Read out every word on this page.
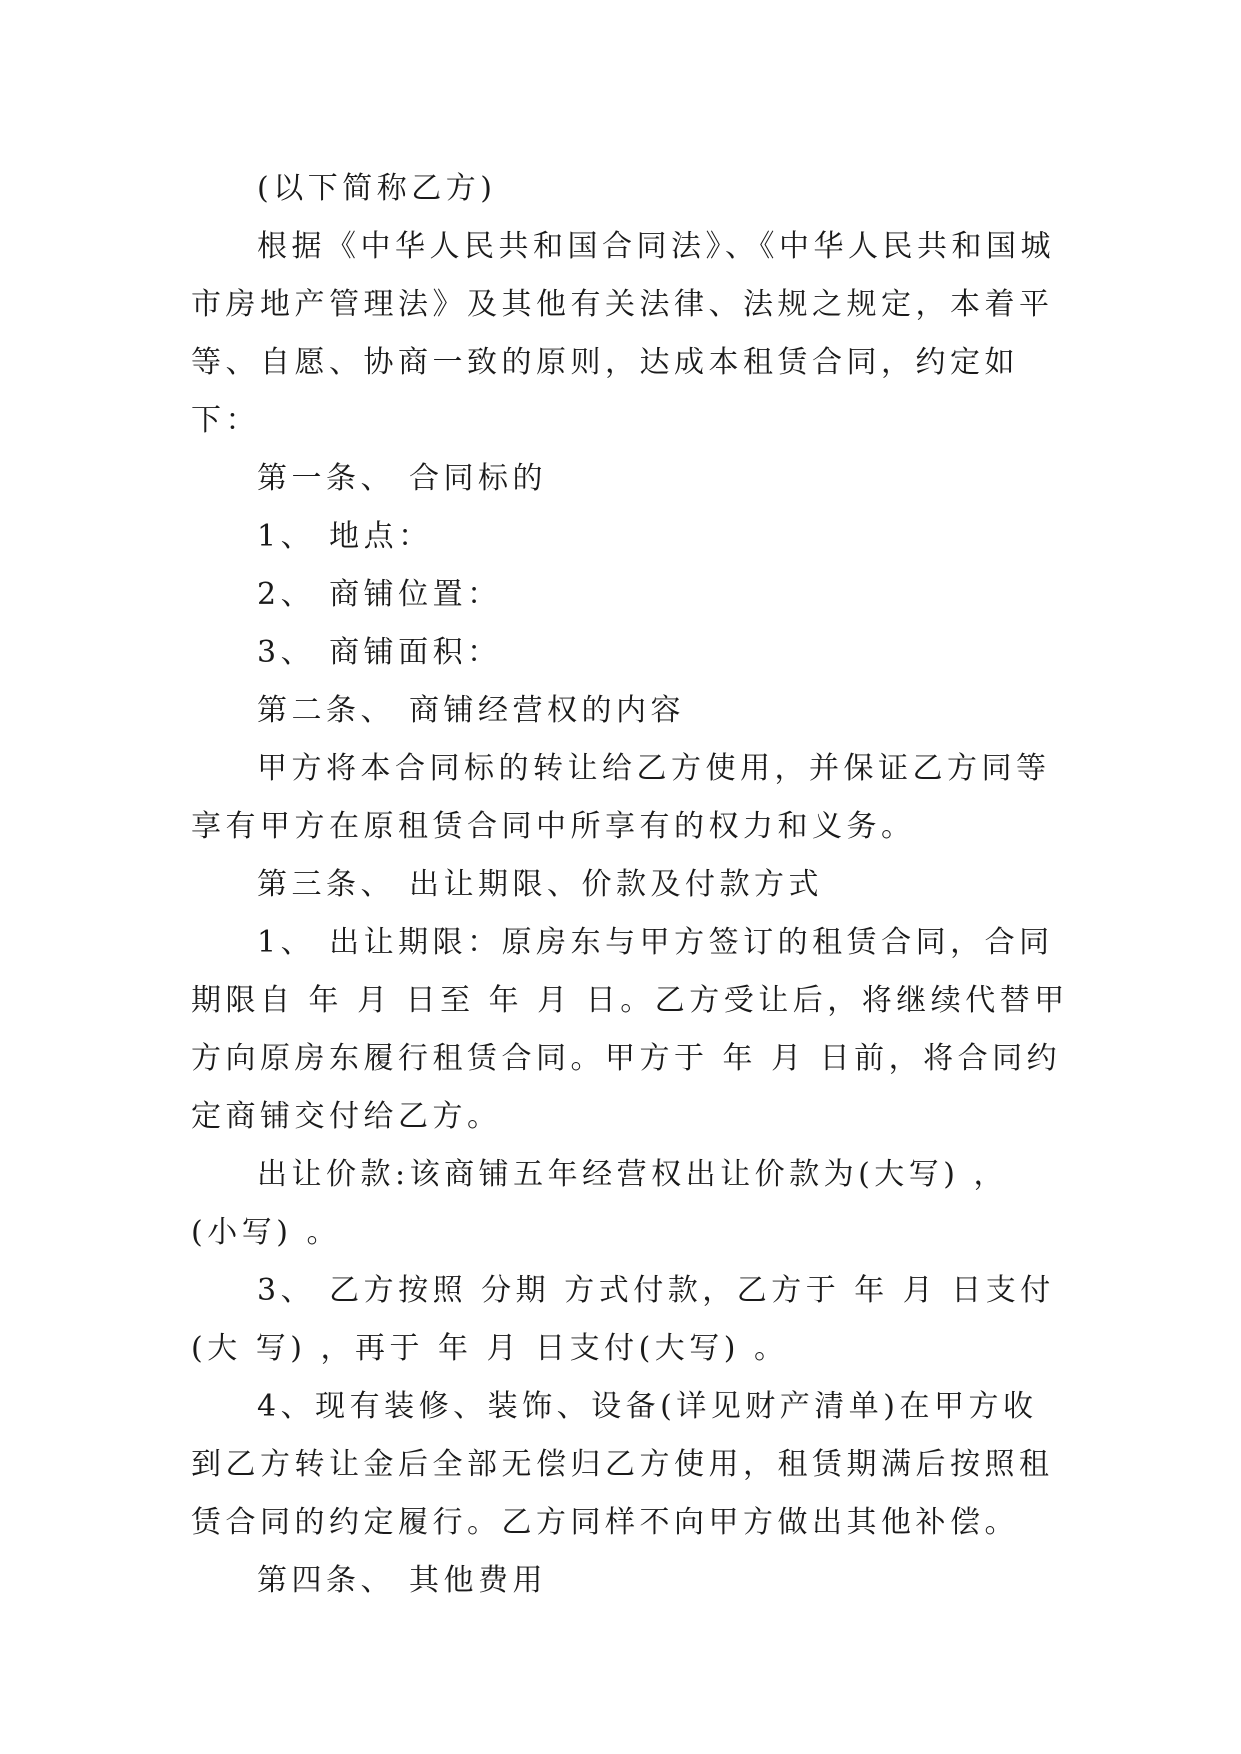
(以下简称乙方)

根据《中华人民共和国合同法》、《中华人民共和国城市房地产管理法》及其他有关法律、法规之规定，本着平等、自愿、协商一致的原则，达成本租赁合同，约定如下：

第一条、 合同标的

1、 地点：

2、 商铺位置：

3、 商铺面积：

第二条、 商铺经营权的内容

甲方将本合同标的转让给乙方使用，并保证乙方同等享有甲方在原租赁合同中所享有的权力和义务。

第三条、 出让期限、价款及付款方式

1、 出让期限：原房东与甲方签订的租赁合同，合同期限自 年 月 日至 年 月 日。乙方受让后，将继续代替甲方向原房东履行租赁合同。甲方于 年 月 日前，将合同约定商铺交付给乙方。

出让价款:该商铺五年经营权出让价款为(大写) ， (小写) 。

3、 乙方按照 分期 方式付款，乙方于 年 月 日支付(大 写) ，再于 年 月 日支付(大写) 。

4、现有装修、装饰、设备(详见财产清单)在甲方收到乙方转让金后全部无偿归乙方使用，租赁期满后按照租赁合同的约定履行。乙方同样不向甲方做出其他补偿。

第四条、 其他费用
